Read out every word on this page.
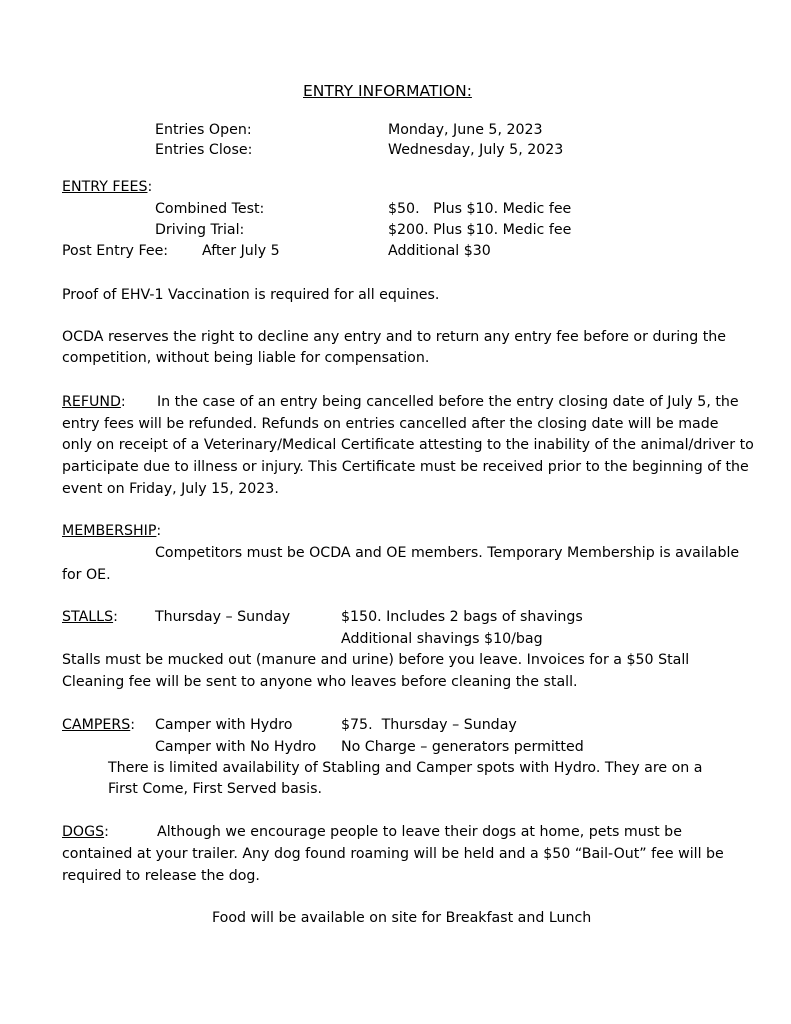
ENTRY INFORMATION:
Entries Open:	Monday, June 5, 2023
Entries Close:	Wednesday, July 5, 2023
ENTRY FEES:
Combined Test:	$50.   Plus $10. Medic fee
Driving Trial:	$200. Plus $10. Medic fee
Post Entry Fee: After July 5	Additional $30
Proof of EHV-1 Vaccination is required for all equines.
OCDA reserves the right to decline any entry and to return any entry fee before or during the
competition, without being liable for compensation.
REFUND: In the case of an entry being cancelled before the entry closing date of July 5, the
entry fees will be refunded. Refunds on entries cancelled after the closing date will be made
only on receipt of a Veterinary/Medical Certificate attesting to the inability of the animal/driver to
participate due to illness or injury. This Certificate must be received prior to the beginning of the
event on Friday, July 15, 2023.
MEMBERSHIP:
Competitors must be OCDA and OE members. Temporary Membership is available
for OE.
STALLS:	Thursday – Sunday	$150. Includes 2 bags of shavings
Additional shavings $10/bag
Stalls must be mucked out (manure and urine) before you leave. Invoices for a $50 Stall
Cleaning fee will be sent to anyone who leaves before cleaning the stall.
CAMPERS: Camper with Hydro	$75.  Thursday – Sunday
Camper with No Hydro No Charge – generators permitted
There is limited availability of Stabling and Camper spots with Hydro. They are on a
First Come, First Served basis.
DOGS:	Although we encourage people to leave their dogs at home, pets must be
contained at your trailer. Any dog found roaming will be held and a $50 “Bail-Out” fee will be
required to release the dog.
Food will be available on site for Breakfast and Lunch
